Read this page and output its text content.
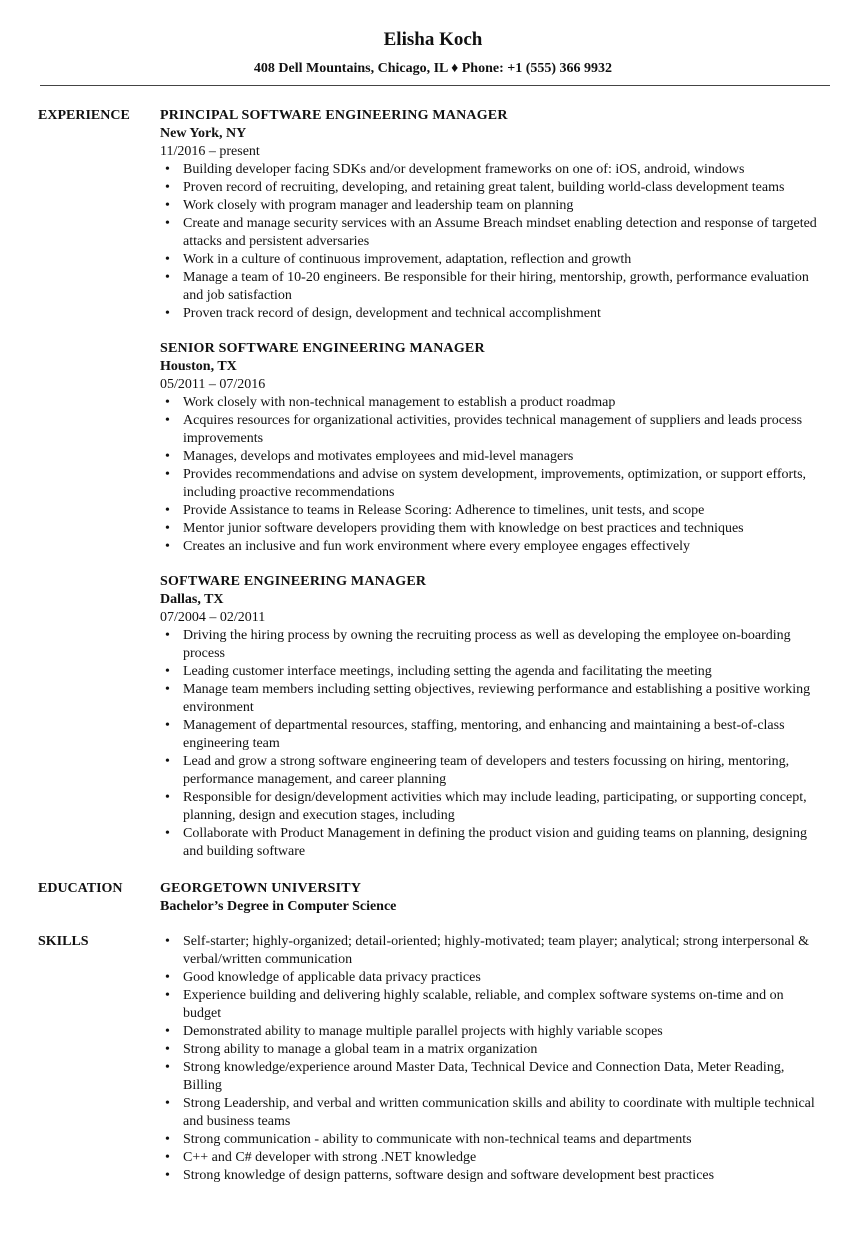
Elisha Koch
408 Dell Mountains, Chicago, IL ♦ Phone: +1 (555) 366 9932
EXPERIENCE	PRINCIPAL SOFTWARE ENGINEERING MANAGER
New York, NY
11/2016 – present
• Building developer facing SDKs and/or development frameworks on one of: iOS, android, windows
• Proven record of recruiting, developing, and retaining great talent, building world-class development teams
• Work closely with program manager and leadership team on planning
• Create and manage security services with an Assume Breach mindset enabling detection and response of targeted attacks and persistent adversaries
• Work in a culture of continuous improvement, adaptation, reflection and growth
• Manage a team of 10-20 engineers. Be responsible for their hiring, mentorship, growth, performance evaluation and job satisfaction
• Proven track record of design, development and technical accomplishment
SENIOR SOFTWARE ENGINEERING MANAGER
Houston, TX
05/2011 – 07/2016
• Work closely with non-technical management to establish a product roadmap
• Acquires resources for organizational activities, provides technical management of suppliers and leads process improvements
• Manages, develops and motivates employees and mid-level managers
• Provides recommendations and advise on system development, improvements, optimization, or support efforts, including proactive recommendations
• Provide Assistance to teams in Release Scoring: Adherence to timelines, unit tests, and scope
• Mentor junior software developers providing them with knowledge on best practices and techniques
• Creates an inclusive and fun work environment where every employee engages effectively
SOFTWARE ENGINEERING MANAGER
Dallas, TX
07/2004 – 02/2011
• Driving the hiring process by owning the recruiting process as well as developing the employee on-boarding process
• Leading customer interface meetings, including setting the agenda and facilitating the meeting
• Manage team members including setting objectives, reviewing performance and establishing a positive working environment
• Management of departmental resources, staffing, mentoring, and enhancing and maintaining a best-of-class engineering team
• Lead and grow a strong software engineering team of developers and testers focussing on hiring, mentoring, performance management, and career planning
• Responsible for design/development activities which may include leading, participating, or supporting concept, planning, design and execution stages, including
• Collaborate with Product Management in defining the product vision and guiding teams on planning, designing and building software
EDUCATION	GEORGETOWN UNIVERSITY
Bachelor’s Degree in Computer Science
SKILLS
•	Self-starter; highly-organized; detail-oriented; highly-motivated; team player; analytical; strong interpersonal & verbal/written communication
• Good knowledge of applicable data privacy practices
• Experience building and delivering highly scalable, reliable, and complex software systems on-time and on budget
• Demonstrated ability to manage multiple parallel projects with highly variable scopes
• Strong ability to manage a global team in a matrix organization
• Strong knowledge/experience around Master Data, Technical Device and Connection Data, Meter Reading, Billing
• Strong Leadership, and verbal and written communication skills and ability to coordinate with multiple technical and business teams
• Strong communication - ability to communicate with non-technical teams and departments
• C++ and C# developer with strong .NET knowledge
• Strong knowledge of design patterns, software design and software development best practices
